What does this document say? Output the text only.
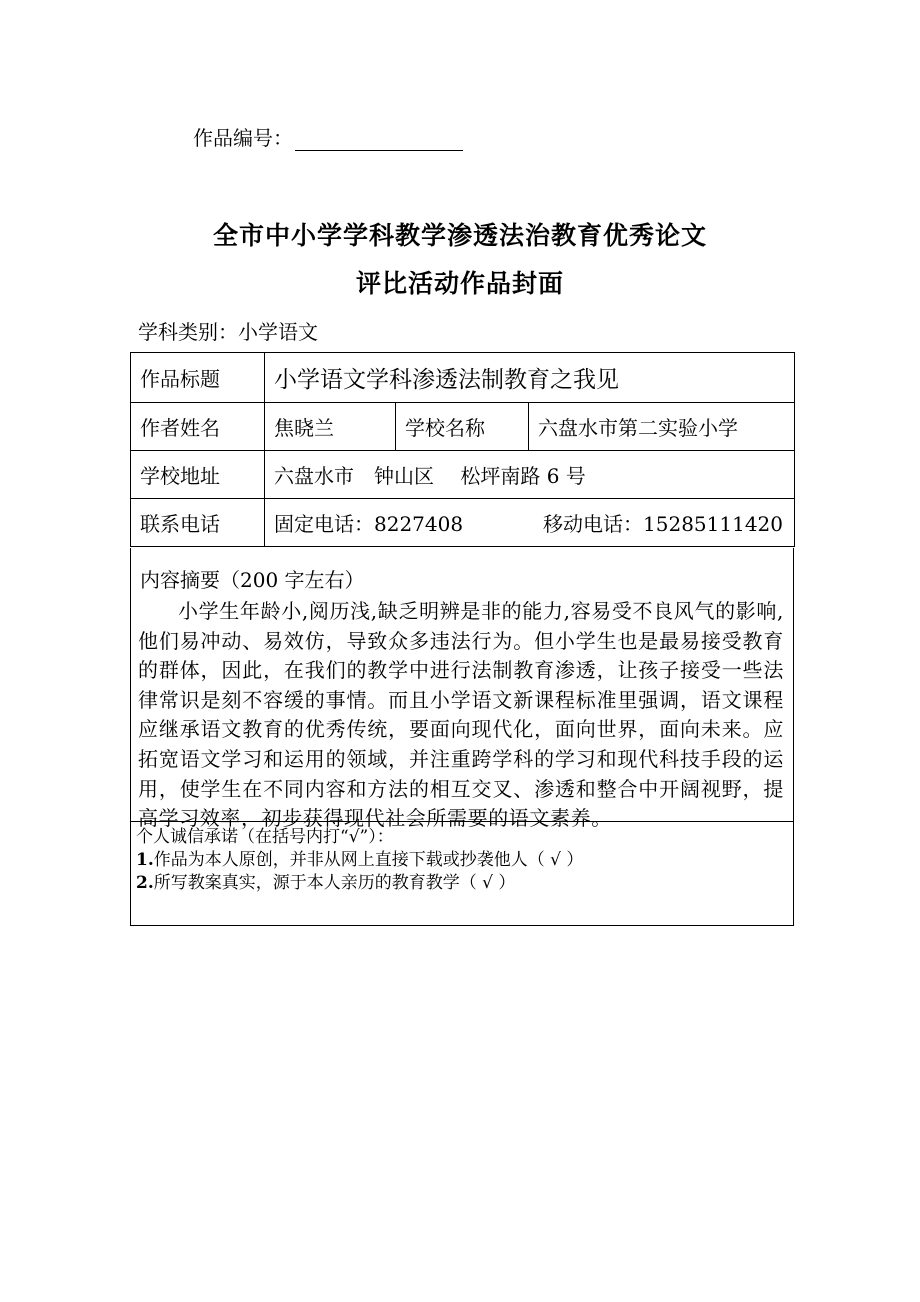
作品编号：
全市中小学学科教学渗透法治教育优秀论文
评比活动作品封面
学科类别：小学语文
作品标题	小学语文学科渗透法制教育之我见		
作者姓名	焦晓兰	学校名称	六盘水市第二实验小学
学校地址	六盘水市　钟山区　 松坪南路 6 号		
联系电话	固定电话：8227408 移动电话：15285111420		
内容摘要（200 字左右）
小学生年龄小,阅历浅,缺乏明辨是非的能力,容易受不良风气的影响,他们易冲动、易效仿，导致众多违法行为。但小学生也是最易接受教育的群体，因此，在我们的教学中进行法制教育渗透，让孩子接受一些法律常识是刻不容缓的事情。而且小学语文新课程标准里强调，语文课程应继承语文教育的优秀传统，要面向现代化，面向世界，面向未来。应拓宽语文学习和运用的领域，并注重跨学科的学习和现代科技手段的运用，使学生在不同内容和方法的相互交叉、渗透和整合中开阔视野，提高学习效率，初步获得现代社会所需要的语文素养。
个人诚信承诺（在括号内打“√”）：
1.作品为本人原创，并非从网上直接下载或抄袭他人（ √ ）
2.所写教案真实，源于本人亲历的教育教学（ √ ）
